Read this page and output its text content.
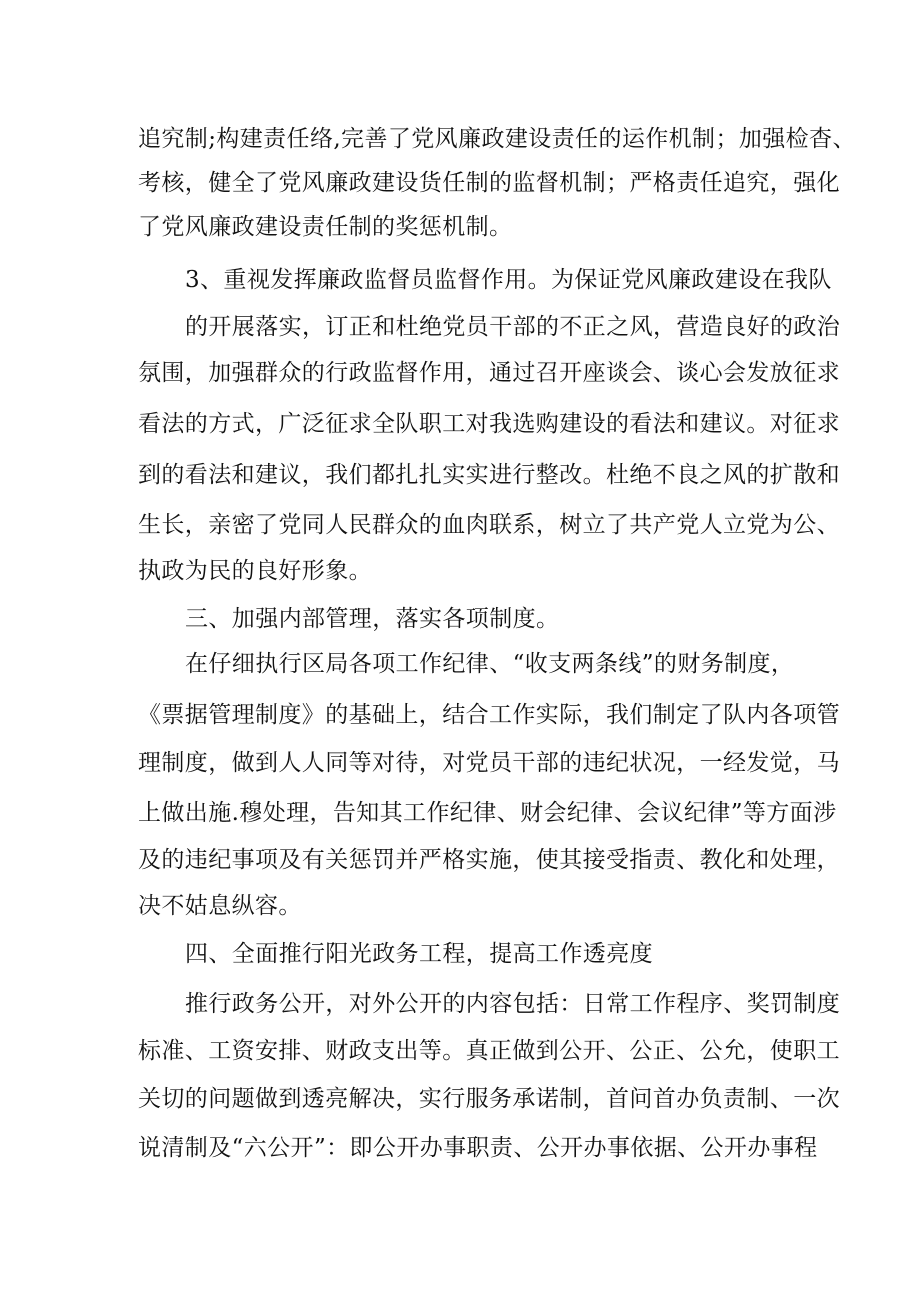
追究制;构建责任络,完善了党风廉政建设责任的运作机制；加强检杳、
考核，健全了党风廉政建设货任制的监督机制；严格责任追究，强化
了党风廉政建设责任制的奖惩机制。
3、重视发挥廉政监督员监督作用。为保证党风廉政建设在我队
的开展落实，订正和杜绝党员干部的不正之风，营造良好的政治
氛围，加强群众的行政监督作用，通过召开座谈会、谈心会发放征求
看法的方式，广泛征求全队职工对我选购建设的看法和建议。对征求
到的看法和建议，我们都扎扎实实进行整改。杜绝不良之风的扩散和
生长，亲密了党同人民群众的血肉联系，树立了共产党人立党为公、
执政为民的良好形象。
三、加强内部管理，落实各项制度。
在仔细执行区局各项工作纪律、“收支两条线”的财务制度，
《票据管理制度》的基础上，结合工作实际，我们制定了队内各项管
理制度，做到人人同等对待，对党员干部的违纪状况，一经发觉，马
上做出施.穆处理，告知其工作纪律、财会纪律、会议纪律”等方面涉
及的违纪事项及有关惩罚并严格实施，使其接受指责、教化和处理，
决不姑息纵容。
四、全面推行阳光政务工程，提高工作透亮度
推行政务公开，对外公开的内容包括：日常工作程序、奖罚制度
标准、工资安排、财政支出等。真正做到公开、公正、公允，使职工
关切的问题做到透亮解决，实行服务承诺制，首问首办负责制、一次
说清制及“六公开”：即公开办事职责、公开办事依据、公开办事程
